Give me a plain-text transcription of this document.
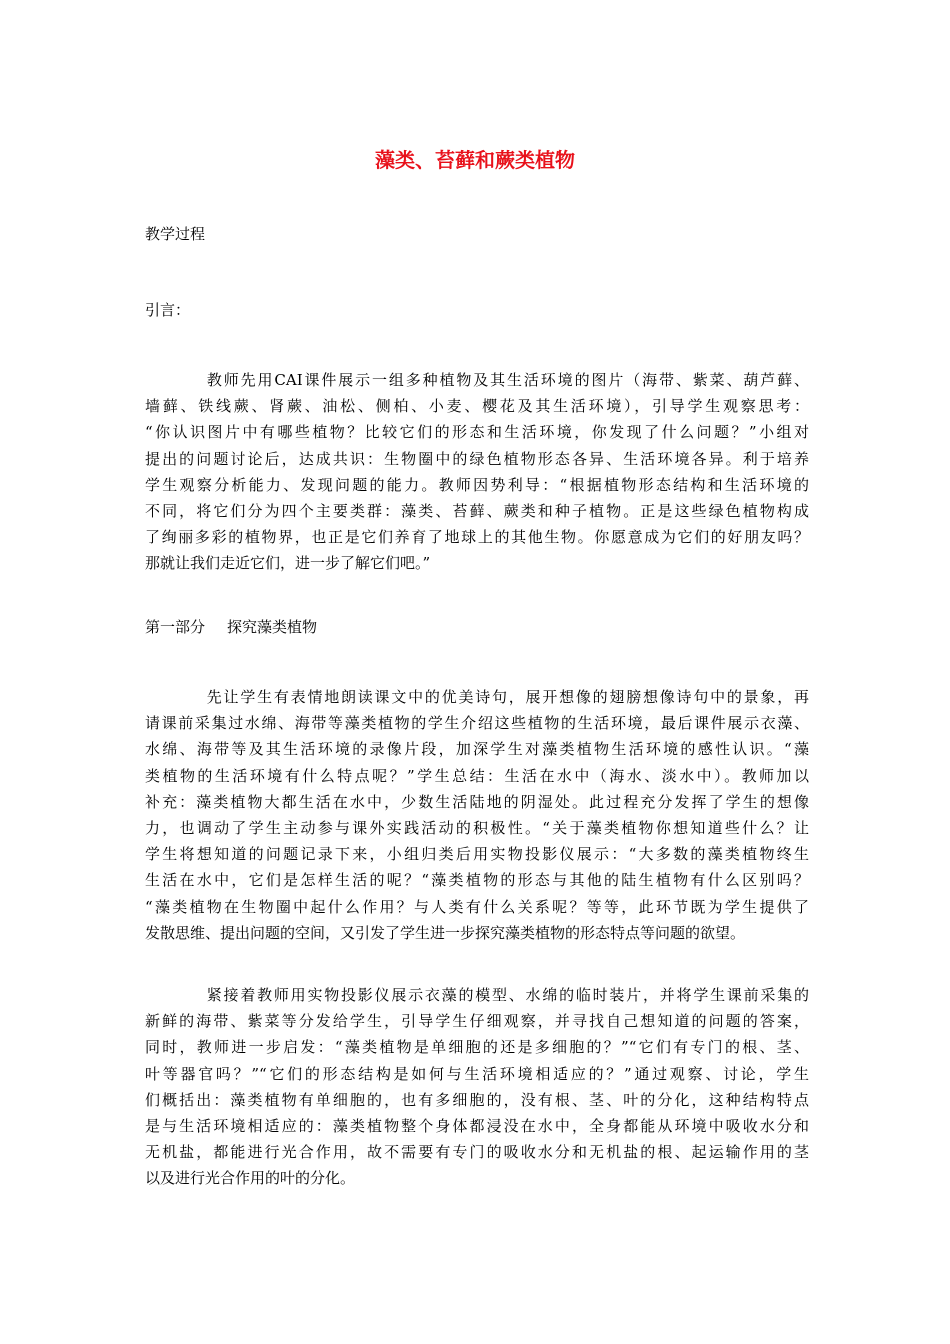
藻类、苔藓和蕨类植物

教学过程

引言：

教师先用CAI课件展示一组多种植物及其生活环境的图片（海带、紫菜、葫芦藓、
墙藓、铁线蕨、肾蕨、油松、侧柏、小麦、樱花及其生活环境），引导学生观察思考：
“你认识图片中有哪些植物？比较它们的形态和生活环境，你发现了什么问题？”小组对
提出的问题讨论后，达成共识：生物圈中的绿色植物形态各异、生活环境各异。利于培养
学生观察分析能力、发现问题的能力。教师因势利导：“根据植物形态结构和生活环境的
不同，将它们分为四个主要类群：藻类、苔藓、蕨类和种子植物。正是这些绿色植物构成
了绚丽多彩的植物界，也正是它们养育了地球上的其他生物。你愿意成为它们的好朋友吗？
那就让我们走近它们，进一步了解它们吧。”

第一部分 探究藻类植物

先让学生有表情地朗读课文中的优美诗句，展开想像的翅膀想像诗句中的景象，再
请课前采集过水绵、海带等藻类植物的学生介绍这些植物的生活环境，最后课件展示衣藻、
水绵、海带等及其生活环境的录像片段，加深学生对藻类植物生活环境的感性认识。“藻
类植物的生活环境有什么特点呢？”学生总结：生活在水中（海水、淡水中）。教师加以
补充：藻类植物大都生活在水中，少数生活陆地的阴湿处。此过程充分发挥了学生的想像
力，也调动了学生主动参与课外实践活动的积极性。“关于藻类植物你想知道些什么？让
学生将想知道的问题记录下来，小组归类后用实物投影仪展示：“大多数的藻类植物终生
生活在水中，它们是怎样生活的呢？“藻类植物的形态与其他的陆生植物有什么区别吗？
“藻类植物在生物圈中起什么作用？与人类有什么关系呢？等等，此环节既为学生提供了
发散思维、提出问题的空间，又引发了学生进一步探究藻类植物的形态特点等问题的欲望。
紧接着教师用实物投影仪展示衣藻的模型、水绵的临时装片，并将学生课前采集的
新鲜的海带、紫菜等分发给学生，引导学生仔细观察，并寻找自己想知道的问题的答案，
同时，教师进一步启发：“藻类植物是单细胞的还是多细胞的？”“它们有专门的根、茎、
叶等器官吗？”“它们的形态结构是如何与生活环境相适应的？”通过观察、讨论，学生
们概括出：藻类植物有单细胞的，也有多细胞的，没有根、茎、叶的分化，这种结构特点
是与生活环境相适应的：藻类植物整个身体都浸没在水中，全身都能从环境中吸收水分和
无机盐，都能进行光合作用，故不需要有专门的吸收水分和无机盐的根、起运输作用的茎
以及进行光合作用的叶的分化。
